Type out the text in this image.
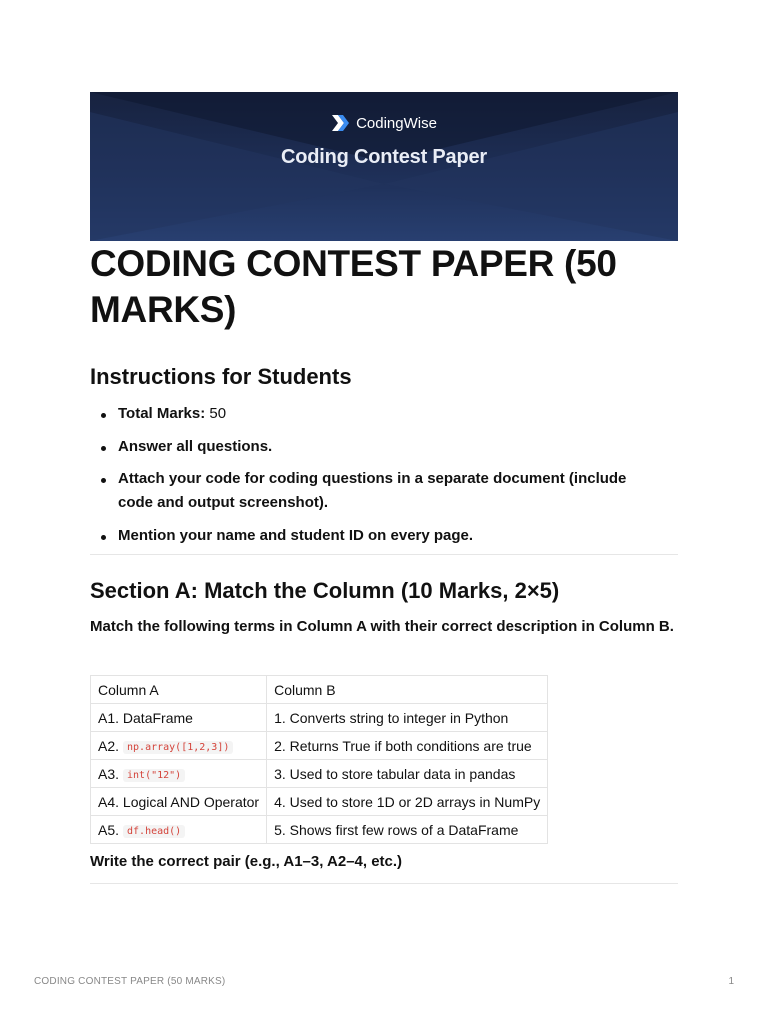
CodingWise
Coding Contest Paper
CODING CONTEST PAPER (50 MARKS)
Instructions for Students
Total Marks: 50
Answer all questions.
Attach your code for coding questions in a separate document (include code and output screenshot).
Mention your name and student ID on every page.
Section A: Match the Column (10 Marks, 2×5)

Match the following terms in Column A with their correct description in Column B.

Column A	Column B
A1. DataFrame	1. Converts string to integer in Python
A2. np.array([1,2,3])	2. Returns True if both conditions are true
A3. int("12")	3. Used to store tabular data in pandas
A4. Logical AND Operator	4. Used to store 1D or 2D arrays in NumPy
A5. df.head()	5. Shows first few rows of a DataFrame

Write the correct pair (e.g., A1–3, A2–4, etc.)

CODING CONTEST PAPER (50 MARKS)	1
